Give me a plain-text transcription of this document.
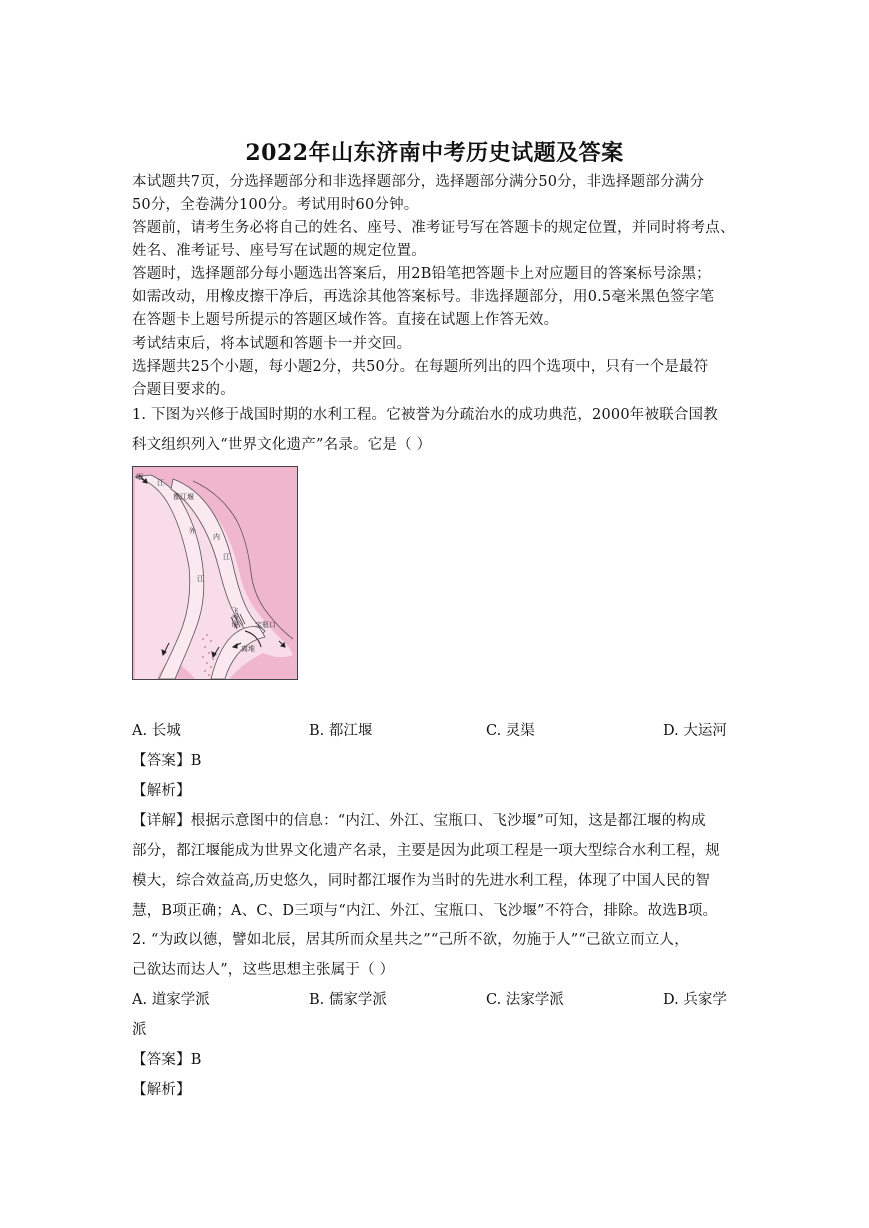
2022年山东济南中考历史试题及答案
本试题共7页，分选择题部分和非选择题部分，选择题部分满分50分，非选择题部分满分
50分，全卷满分100分。考试用时60分钟。
答题前，请考生务必将自己的姓名、座号、准考证号写在答题卡的规定位置，并同时将考点、
姓名、准考证号、座号写在试题的规定位置。
答题时，选择题部分每小题选出答案后，用2B铅笔把答题卡上对应题目的答案标号涂黑；
如需改动，用橡皮擦干净后，再选涂其他答案标号。非选择题部分，用0.5毫米黑色签字笔
在答题卡上题号所提示的答题区域作答。直接在试题上作答无效。
考试结束后，将本试题和答题卡一并交回。
选择题共25个小题，每小题2分，共50分。在每题所列出的四个选项中，只有一个是最符
合题目要求的。
1. 下图为兴修于战国时期的水利工程。它被誉为分疏治水的成功典范，2000年被联合国教
科文组织列入“世界文化遗产”名录。它是（ ）
岷
江
都江堰
外
内
江
江
飞沙堰 宝瓶口
离堆
A. 长城	B. 都江堰	C. 灵渠	D. 大运河
【答案】B
【解析】
【详解】根据示意图中的信息：“内江、外江、宝瓶口、飞沙堰”可知，这是都江堰的构成
部分，都江堰能成为世界文化遗产名录，主要是因为此项工程是一项大型综合水利工程，规
模大，综合效益高,历史悠久，同时都江堰作为当时的先进水利工程，体现了中国人民的智
慧，B项正确；A、C、D三项与“内江、外江、宝瓶口、飞沙堰”不符合，排除。故选B项。
2. “为政以德，譬如北辰，居其所而众星共之”“己所不欲，勿施于人”“己欲立而立人，
己欲达而达人”，这些思想主张属于（ ）
A. 道家学派	B. 儒家学派	C. 法家学派	D. 兵家学
派
【答案】B
【解析】
